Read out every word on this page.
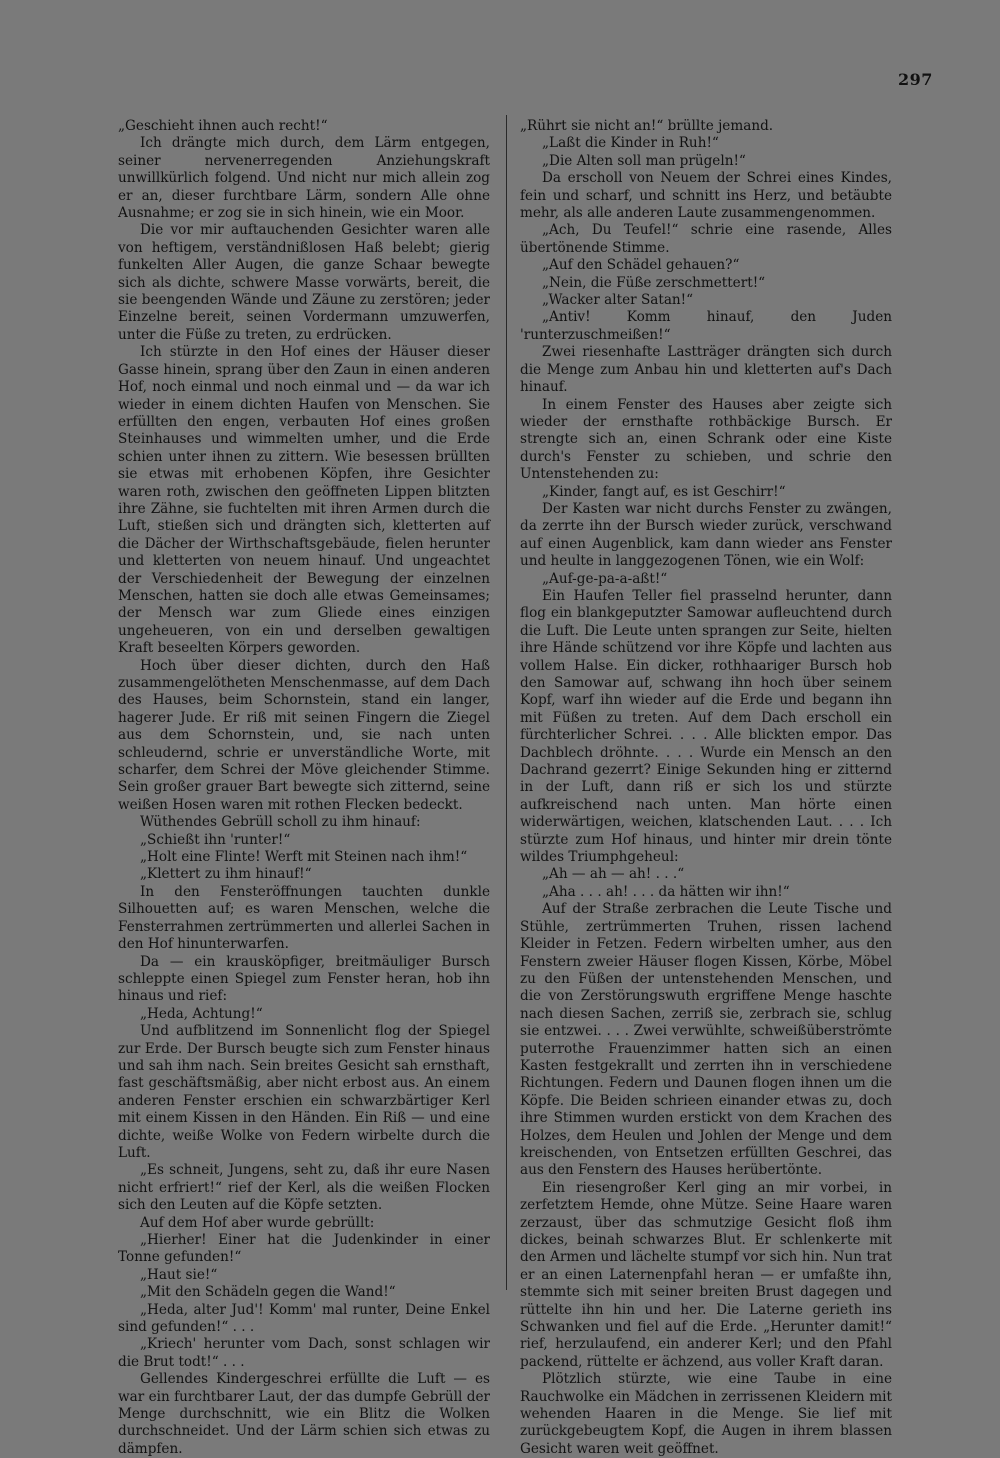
297

„Geschieht ihnen auch recht!“

Ich drängte mich durch, dem Lärm entgegen, seiner nervenerregenden Anziehungskraft unwillkürlich folgend. Und nicht nur mich allein zog er an, dieser furchtbare Lärm, sondern Alle ohne Ausnahme; er zog sie in sich hinein, wie ein Moor.

Die vor mir auftauchenden Gesichter waren alle von heftigem, verständnißlosen Haß belebt; gierig funkelten Aller Augen, die ganze Schaar bewegte sich als dichte, schwere Masse vorwärts, bereit, die sie beengenden Wände und Zäune zu zerstören; jeder Einzelne bereit, seinen Vordermann umzuwerfen, unter die Füße zu treten, zu erdrücken.

Ich stürzte in den Hof eines der Häuser dieser Gasse hinein, sprang über den Zaun in einen anderen Hof, noch einmal und noch einmal und — da war ich wieder in einem dichten Haufen von Menschen. Sie erfüllten den engen, verbauten Hof eines großen Steinhauses und wimmelten umher, und die Erde schien unter ihnen zu zittern. Wie besessen brüllten sie etwas mit erhobenen Köpfen, ihre Gesichter waren roth, zwischen den geöffneten Lippen blitzten ihre Zähne, sie fuchtelten mit ihren Armen durch die Luft, stießen sich und drängten sich, kletterten auf die Dächer der Wirthschaftsgebäude, fielen herunter und kletterten von neuem hinauf. Und ungeachtet der Verschiedenheit der Bewegung der einzelnen Menschen, hatten sie doch alle etwas Gemeinsames; der Mensch war zum Gliede eines einzigen ungeheueren, von ein und derselben gewaltigen Kraft beseelten Körpers geworden.

Hoch über dieser dichten, durch den Haß zusammengelötheten Menschenmasse, auf dem Dach des Hauses, beim Schornstein, stand ein langer, hagerer Jude. Er riß mit seinen Fingern die Ziegel aus dem Schornstein, und, sie nach unten schleudernd, schrie er unverständliche Worte, mit scharfer, dem Schrei der Möve gleichender Stimme. Sein großer grauer Bart bewegte sich zitternd, seine weißen Hosen waren mit rothen Flecken bedeckt.

Wüthendes Gebrüll scholl zu ihm hinauf:

„Schießt ihn 'runter!“

„Holt eine Flinte! Werft mit Steinen nach ihm!“

„Klettert zu ihm hinauf!“

In den Fensteröffnungen tauchten dunkle Silhouetten auf; es waren Menschen, welche die Fensterrahmen zertrümmerten und allerlei Sachen in den Hof hinunterwarfen.

Da — ein krausköpfiger, breitmäuliger Bursch schleppte einen Spiegel zum Fenster heran, hob ihn hinaus und rief:

„Heda, Achtung!“

Und aufblitzend im Sonnenlicht flog der Spiegel zur Erde. Der Bursch beugte sich zum Fenster hinaus und sah ihm nach. Sein breites Gesicht sah ernsthaft, fast geschäftsmäßig, aber nicht erbost aus. An einem anderen Fenster erschien ein schwarzbärtiger Kerl mit einem Kissen in den Händen. Ein Riß — und eine dichte, weiße Wolke von Federn wirbelte durch die Luft.

„Es schneit, Jungens, seht zu, daß ihr eure Nasen nicht erfriert!“ rief der Kerl, als die weißen Flocken sich den Leuten auf die Köpfe setzten.

Auf dem Hof aber wurde gebrüllt:

„Hierher! Einer hat die Judenkinder in einer Tonne gefunden!“

„Haut sie!“

„Mit den Schädeln gegen die Wand!“

„Heda, alter Jud'! Komm' mal runter, Deine Enkel sind gefunden!“ . . .

„Kriech' herunter vom Dach, sonst schlagen wir die Brut todt!“ . . .

Gellendes Kindergeschrei erfüllte die Luft — es war ein furchtbarer Laut, der das dumpfe Gebrüll der Menge durchschnitt, wie ein Blitz die Wolken durchschneidet. Und der Lärm schien sich etwas zu dämpfen.

„Rührt sie nicht an!“ brüllte jemand.

„Laßt die Kinder in Ruh!“

„Die Alten soll man prügeln!“

Da erscholl von Neuem der Schrei eines Kindes, fein und scharf, und schnitt ins Herz, und betäubte mehr, als alle anderen Laute zusammengenommen.

„Ach, Du Teufel!“ schrie eine rasende, Alles übertönende Stimme.

„Auf den Schädel gehauen?“

„Nein, die Füße zerschmettert!“

„Wacker alter Satan!“

„Antiv! Komm hinauf, den Juden 'runterzuschmeißen!“

Zwei riesenhafte Lastträger drängten sich durch die Menge zum Anbau hin und kletterten auf's Dach hinauf.

In einem Fenster des Hauses aber zeigte sich wieder der ernsthafte rothbäckige Bursch. Er strengte sich an, einen Schrank oder eine Kiste durch's Fenster zu schieben, und schrie den Untenstehenden zu:

„Kinder, fangt auf, es ist Geschirr!“

Der Kasten war nicht durchs Fenster zu zwängen, da zerrte ihn der Bursch wieder zurück, verschwand auf einen Augenblick, kam dann wieder ans Fenster und heulte in langgezogenen Tönen, wie ein Wolf:

„Auf-ge-pa-a-aßt!“

Ein Haufen Teller fiel prasselnd herunter, dann flog ein blankgeputzter Samowar aufleuchtend durch die Luft. Die Leute unten sprangen zur Seite, hielten ihre Hände schützend vor ihre Köpfe und lachten aus vollem Halse. Ein dicker, rothhaariger Bursch hob den Samowar auf, schwang ihn hoch über seinem Kopf, warf ihn wieder auf die Erde und begann ihn mit Füßen zu treten. Auf dem Dach erscholl ein fürchterlicher Schrei. . . . Alle blickten empor. Das Dachblech dröhnte. . . . Wurde ein Mensch an den Dachrand gezerrt? Einige Sekunden hing er zitternd in der Luft, dann riß er sich los und stürzte aufkreischend nach unten. Man hörte einen widerwärtigen, weichen, klatschenden Laut. . . . Ich stürzte zum Hof hinaus, und hinter mir drein tönte wildes Triumphgeheul:

„Ah — ah — ah! . . .“

„Aha . . . ah! . . . da hätten wir ihn!“

Auf der Straße zerbrachen die Leute Tische und Stühle, zertrümmerten Truhen, rissen lachend Kleider in Fetzen. Federn wirbelten umher, aus den Fenstern zweier Häuser flogen Kissen, Körbe, Möbel zu den Füßen der untenstehenden Menschen, und die von Zerstörungswuth ergriffene Menge haschte nach diesen Sachen, zerriß sie, zerbrach sie, schlug sie entzwei. . . . Zwei verwühlte, schweißüberströmte puterrothe Frauenzimmer hatten sich an einen Kasten festgekrallt und zerrten ihn in verschiedene Richtungen. Federn und Daunen flogen ihnen um die Köpfe. Die Beiden schrieen einander etwas zu, doch ihre Stimmen wurden erstickt von dem Krachen des Holzes, dem Heulen und Johlen der Menge und dem kreischenden, von Entsetzen erfüllten Geschrei, das aus den Fenstern des Hauses herübertönte.

Ein riesengroßer Kerl ging an mir vorbei, in zerfetztem Hemde, ohne Mütze. Seine Haare waren zerzaust, über das schmutzige Gesicht floß ihm dickes, beinah schwarzes Blut. Er schlenkerte mit den Armen und lächelte stumpf vor sich hin. Nun trat er an einen Laternenpfahl heran — er umfaßte ihn, stemmte sich mit seiner breiten Brust dagegen und rüttelte ihn hin und her. Die Laterne gerieth ins Schwanken und fiel auf die Erde. „Herunter damit!“ rief, herzulaufend, ein anderer Kerl; und den Pfahl packend, rüttelte er ächzend, aus voller Kraft daran.

Plötzlich stürzte, wie eine Taube in eine Rauchwolke ein Mädchen in zerrissenen Kleidern mit wehenden Haaren in die Menge. Sie lief mit zurückgebeugtem Kopf, die Augen in ihrem blassen Gesicht waren weit geöffnet.
